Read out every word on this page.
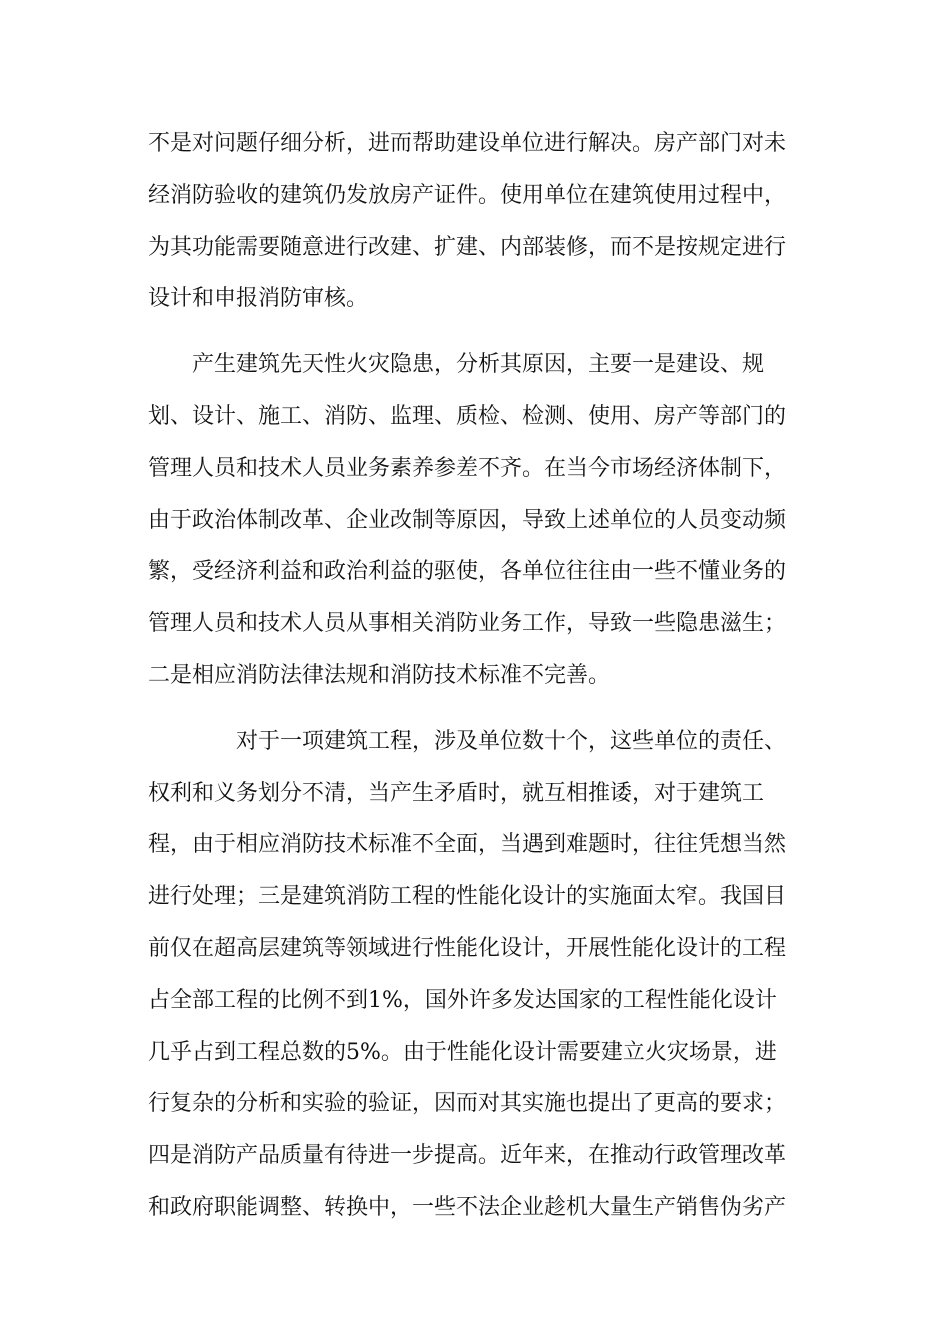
不是对问题仔细分析，进而帮助建设单位进行解决。房产部门对未
经消防验收的建筑仍发放房产证件。使用单位在建筑使用过程中，
为其功能需要随意进行改建、扩建、内部装修，而不是按规定进行
设计和申报消防审核。
产生建筑先天性火灾隐患，分析其原因，主要一是建设、规
划、设计、施工、消防、监理、质检、检测、使用、房产等部门的
管理人员和技术人员业务素养参差不齐。在当今市场经济体制下，
由于政治体制改革、企业改制等原因，导致上述单位的人员变动频
繁，受经济利益和政治利益的驱使，各单位往往由一些不懂业务的
管理人员和技术人员从事相关消防业务工作，导致一些隐患滋生；
二是相应消防法律法规和消防技术标准不完善。
对于一项建筑工程，涉及单位数十个，这些单位的责任、
权利和义务划分不清，当产生矛盾时，就互相推诿，对于建筑工
程，由于相应消防技术标准不全面，当遇到难题时，往往凭想当然
进行处理；三是建筑消防工程的性能化设计的实施面太窄。我国目
前仅在超高层建筑等领域进行性能化设计，开展性能化设计的工程
占全部工程的比例不到1%，国外许多发达国家的工程性能化设计
几乎占到工程总数的5%。由于性能化设计需要建立火灾场景，进
行复杂的分析和实验的验证，因而对其实施也提出了更高的要求；
四是消防产品质量有待进一步提高。近年来，在推动行政管理改革
和政府职能调整、转换中，一些不法企业趁机大量生产销售伪劣产
